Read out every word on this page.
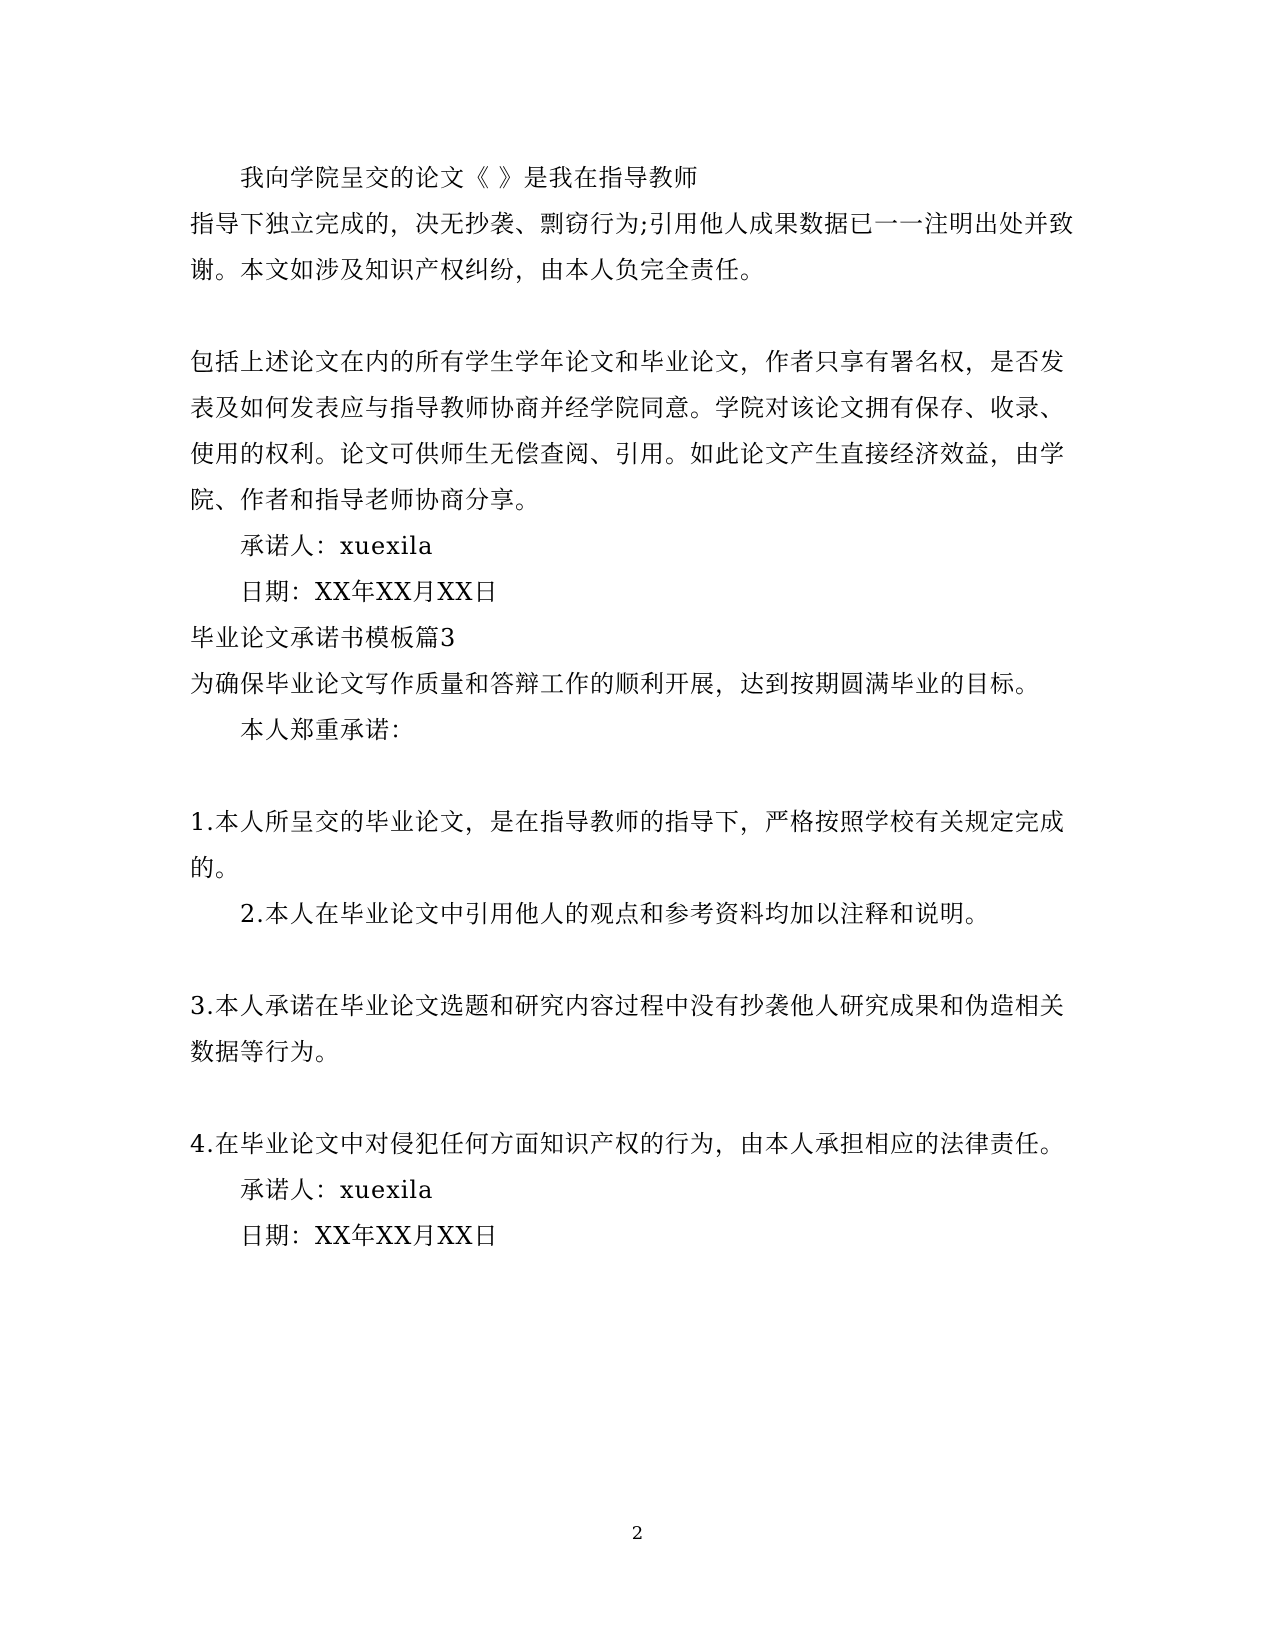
我向学院呈交的论文《 》是我在指导教师
指导下独立完成的，决无抄袭、剽窃行为;引用他人成果数据已一一注明出处并致
谢。本文如涉及知识产权纠纷，由本人负完全责任。
包括上述论文在内的所有学生学年论文和毕业论文，作者只享有署名权，是否发
表及如何发表应与指导教师协商并经学院同意。学院对该论文拥有保存、收录、
使用的权利。论文可供师生无偿查阅、引用。如此论文产生直接经济效益，由学
院、作者和指导老师协商分享。
承诺人：xuexila
日期：XX年XX月XX日
毕业论文承诺书模板篇3
为确保毕业论文写作质量和答辩工作的顺利开展，达到按期圆满毕业的目标。
本人郑重承诺：
1.本人所呈交的毕业论文，是在指导教师的指导下，严格按照学校有关规定完成
的。
2.本人在毕业论文中引用他人的观点和参考资料均加以注释和说明。
3.本人承诺在毕业论文选题和研究内容过程中没有抄袭他人研究成果和伪造相关
数据等行为。
4.在毕业论文中对侵犯任何方面知识产权的行为，由本人承担相应的法律责任。
承诺人：xuexila
日期：XX年XX月XX日
2
